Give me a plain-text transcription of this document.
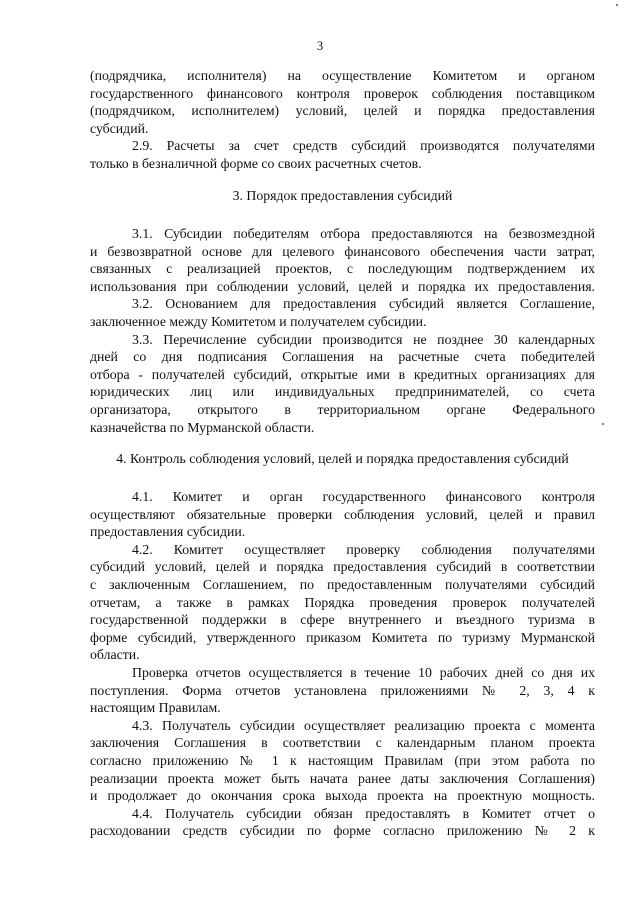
3
(подрядчика, исполнителя) на осуществление Комитетом и органом
государственного финансового контроля проверок соблюдения поставщиком
(подрядчиком, исполнителем) условий, целей и порядка предоставления
субсидий.
2.9. Расчеты за счет средств субсидий производятся получателями
только в безналичной форме со своих расчетных счетов.
3. Порядок предоставления субсидий
3.1. Субсидии победителям отбора предоставляются на безвозмездной
и безвозвратной основе для целевого финансового обеспечения части затрат,
связанных с реализацией проектов, с последующим подтверждением их
использования при соблюдении условий, целей и порядка их предоставления.
3.2. Основанием для предоставления субсидий является Соглашение,
заключенное между Комитетом и получателем субсидии.
3.3. Перечисление субсидии производится не позднее 30 календарных
дней со дня подписания Соглашения на расчетные счета победителей
отбора - получателей субсидий, открытые ими в кредитных организациях для
юридических лиц или индивидуальных предпринимателей, со счета
организатора, открытого в территориальном органе Федерального
казначейства по Мурманской области.
4. Контроль соблюдения условий, целей и порядка предоставления субсидий
4.1. Комитет и орган государственного финансового контроля
осуществляют обязательные проверки соблюдения условий, целей и правил
предоставления субсидии.
4.2. Комитет осуществляет проверку соблюдения получателями
субсидий условий, целей и порядка предоставления субсидий в соответствии
с заключенным Соглашением, по предоставленным получателями субсидий
отчетам, а также в рамках Порядка проведения проверок получателей
государственной поддержки в сфере внутреннего и въездного туризма в
форме субсидий, утвержденного приказом Комитета по туризму Мурманской
области.
Проверка отчетов осуществляется в течение 10 рабочих дней со дня их
поступления. Форма отчетов установлена приложениями № 2, 3, 4 к
настоящим Правилам.
4.3. Получатель субсидии осуществляет реализацию проекта с момента
заключения Соглашения в соответствии с календарным планом проекта
согласно приложению № 1 к настоящим Правилам (при этом работа по
реализации проекта может быть начата ранее даты заключения Соглашения)
и продолжает до окончания срока выхода проекта на проектную мощность.
4.4. Получатель субсидии обязан предоставлять в Комитет отчет о
расходовании средств субсидии по форме согласно приложению № 2 к
